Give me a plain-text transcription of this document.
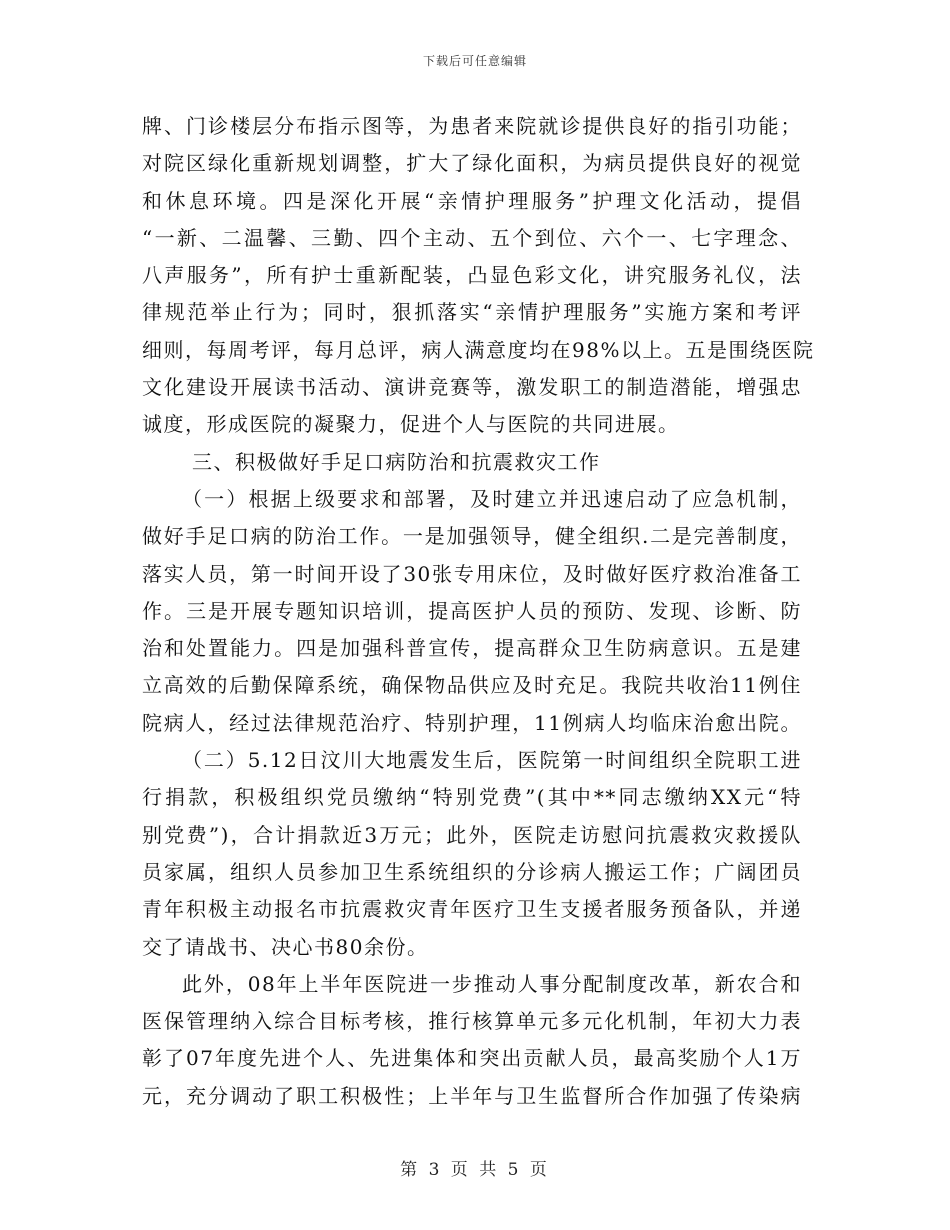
下载后可任意编辑
牌、门诊楼层分布指示图等，为患者来院就诊提供良好的指引功能；
对院区绿化重新规划调整，扩大了绿化面积，为病员提供良好的视觉
和休息环境。四是深化开展“亲情护理服务”护理文化活动，提倡
“一新、二温馨、三勤、四个主动、五个到位、六个一、七字理念、
八声服务”，所有护士重新配装，凸显色彩文化，讲究服务礼仪，法
律规范举止行为；同时，狠抓落实“亲情护理服务”实施方案和考评
细则，每周考评，每月总评，病人满意度均在98%以上。五是围绕医院
文化建设开展读书活动、演讲竞赛等，激发职工的制造潜能，增强忠
诚度，形成医院的凝聚力，促进个人与医院的共同进展。
三、积极做好手足口病防治和抗震救灾工作
（一）根据上级要求和部署，及时建立并迅速启动了应急机制，
做好手足口病的防治工作。一是加强领导，健全组织.二是完善制度，
落实人员，第一时间开设了30张专用床位，及时做好医疗救治准备工
作。三是开展专题知识培训，提高医护人员的预防、发现、诊断、防
治和处置能力。四是加强科普宣传，提高群众卫生防病意识。五是建
立高效的后勤保障系统，确保物品供应及时充足。我院共收治11例住
院病人，经过法律规范治疗、特别护理，11例病人均临床治愈出院。
（二）5.12日汶川大地震发生后，医院第一时间组织全院职工进
行捐款，积极组织党员缴纳“特别党费”(其中**同志缴纳XX元“特
别党费”)，合计捐款近3万元；此外，医院走访慰问抗震救灾救援队
员家属，组织人员参加卫生系统组织的分诊病人搬运工作；广阔团员
青年积极主动报名市抗震救灾青年医疗卫生支援者服务预备队，并递
交了请战书、决心书80余份。
此外，08年上半年医院进一步推动人事分配制度改革，新农合和
医保管理纳入综合目标考核，推行核算单元多元化机制，年初大力表
彰了07年度先进个人、先进集体和突出贡献人员，最高奖励个人1万
元，充分调动了职工积极性；上半年与卫生监督所合作加强了传染病
第 3 页 共 5 页
